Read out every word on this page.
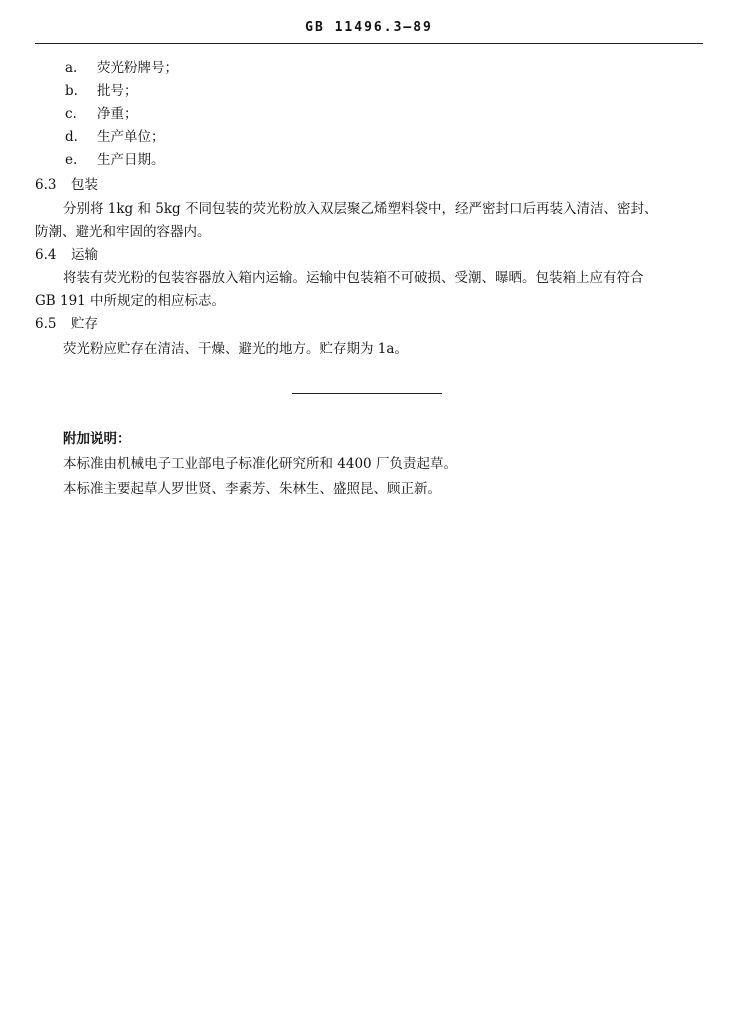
GB 11496.3—89
a. 荧光粉牌号；
b. 批号；
c. 净重；
d. 生产单位；
e. 生产日期。
6.3 包装
分别将 1kg 和 5kg 不同包装的荧光粉放入双层聚乙烯塑料袋中，经严密封口后再装入清洁、密封、
防潮、避光和牢固的容器内。
6.4 运输
将装有荧光粉的包装容器放入箱内运输。运输中包装箱不可破损、受潮、曝晒。包装箱上应有符合
GB 191 中所规定的相应标志。
6.5 贮存
荧光粉应贮存在清洁、干燥、避光的地方。贮存期为 1a。
附加说明：
本标准由机械电子工业部电子标准化研究所和 4400 厂负责起草。
本标准主要起草人罗世贤、李素芳、朱林生、盛照昆、顾正新。
